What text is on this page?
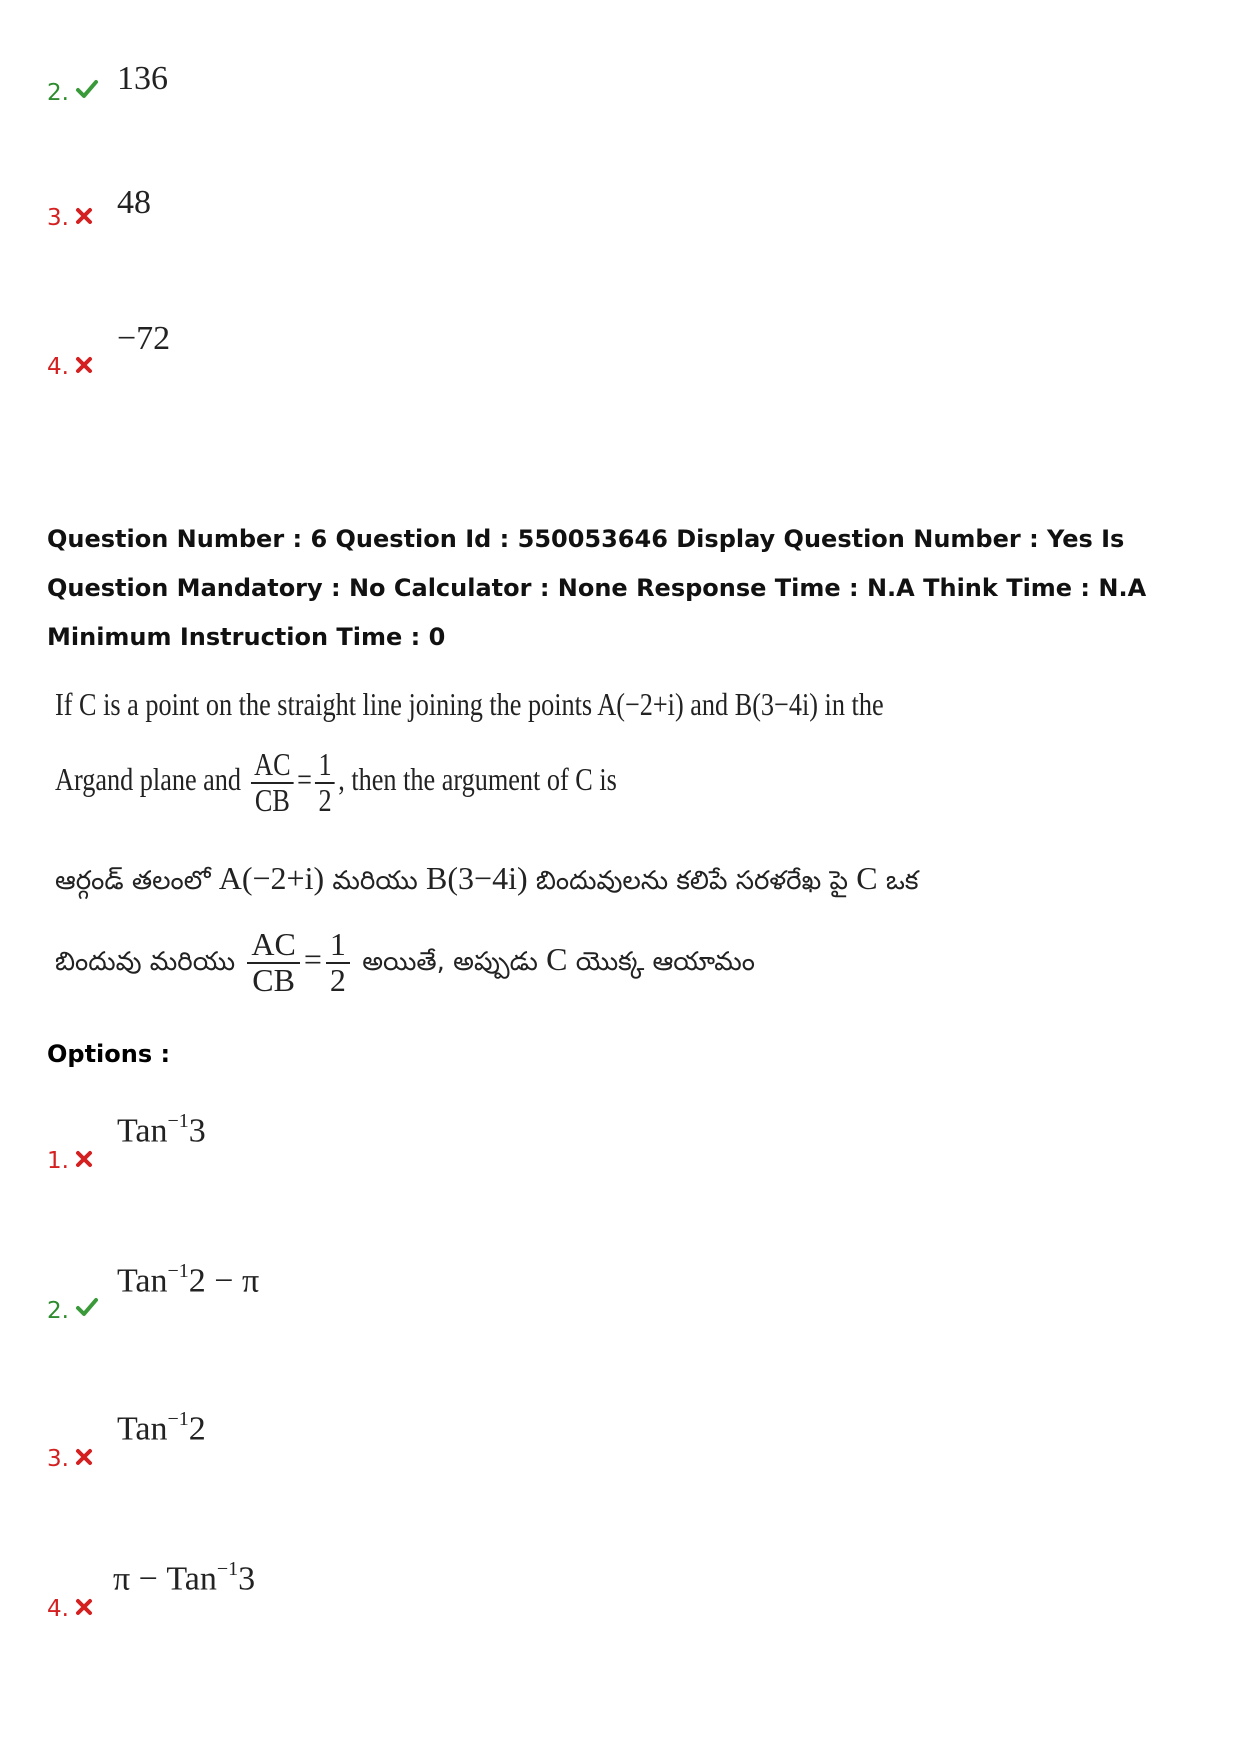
2. 136
3. 48
4.
−72
Question Number : 6 Question Id : 550053646 Display Question Number : Yes Is Question Mandatory : No Calculator : None Response Time : N.A Think Time : N.A Minimum Instruction Time : 0
If C is a point on the straight line joining the points A(−2+i) and B(3−4i) in the
Argand plane and $\frac{AC}{CB} = \frac{1}{2}$ , then the argument of C is
ఆర్గండ్ తలంలో A(−2+i) మరియు B(3−4i) బిందువులను కలిపే సరళరేఖ పై C ఒక
బిందువు మరియు $\frac{AC}{CB} = \frac{1}{2}$ అయితే, అప్పుడు C యొక్క ఆయామం
Options :
1.
Tan$^{-1}$3
2.
Tan$^{-1}$2 − π
3.
Tan$^{-1}$2
4.
π − Tan$^{-1}$3
